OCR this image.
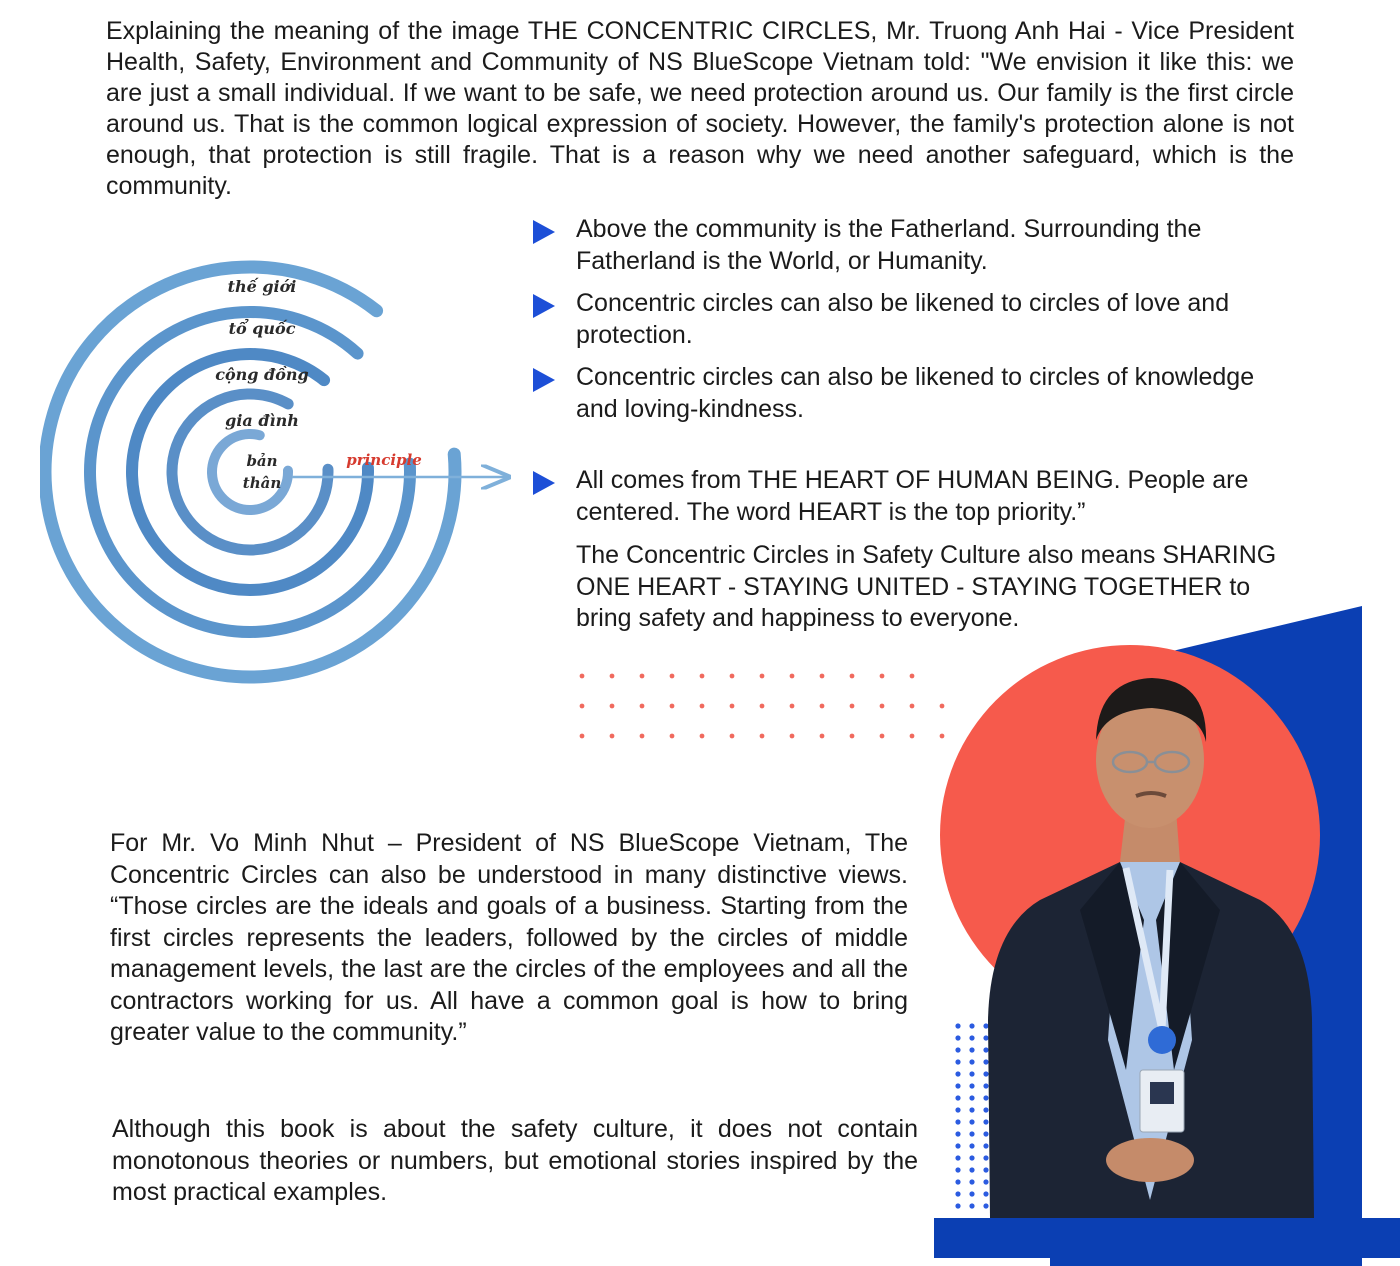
Explaining the meaning of the image THE CONCENTRIC CIRCLES, Mr. Truong Anh Hai - Vice President Health, Safety, Environment and Community of NS BlueScope Vietnam told: "We envision it like this: we are just a small individual. If we want to be safe, we need protection around us. Our family is the first circle around us. That is the common logical expression of society. However, the family's protection alone is not enough, that protection is still fragile. That is a reason why we need another safeguard, which is the community.

thế giới
tổ quốc
cộng đồng
gia đình
bản
thân
principle
Above the community is the Fatherland. Surrounding the Fatherland is the World, or Humanity.
Concentric circles can also be likened to circles of love and protection.
Concentric circles can also be likened to circles of knowledge and loving-kindness.
All comes from THE HEART OF HUMAN BEING. People are centered. The word HEART is the top priority.”

The Concentric Circles in Safety Culture also means SHARING ONE HEART - STAYING UNITED - STAYING TOGETHER to bring safety and happiness to everyone.

For Mr. Vo Minh Nhut – President of NS BlueScope Vietnam, The Concentric Circles can also be understood in many distinctive views. “Those circles are the ideals and goals of a business. Starting from the first circles represents the leaders, followed by the circles of middle management levels, the last are the circles of the employees and all the contractors working for us. All have a common goal is how to bring greater value to the community.”

Although this book is about the safety culture, it does not contain monotonous theories or numbers, but emotional stories inspired by the most practical examples.
